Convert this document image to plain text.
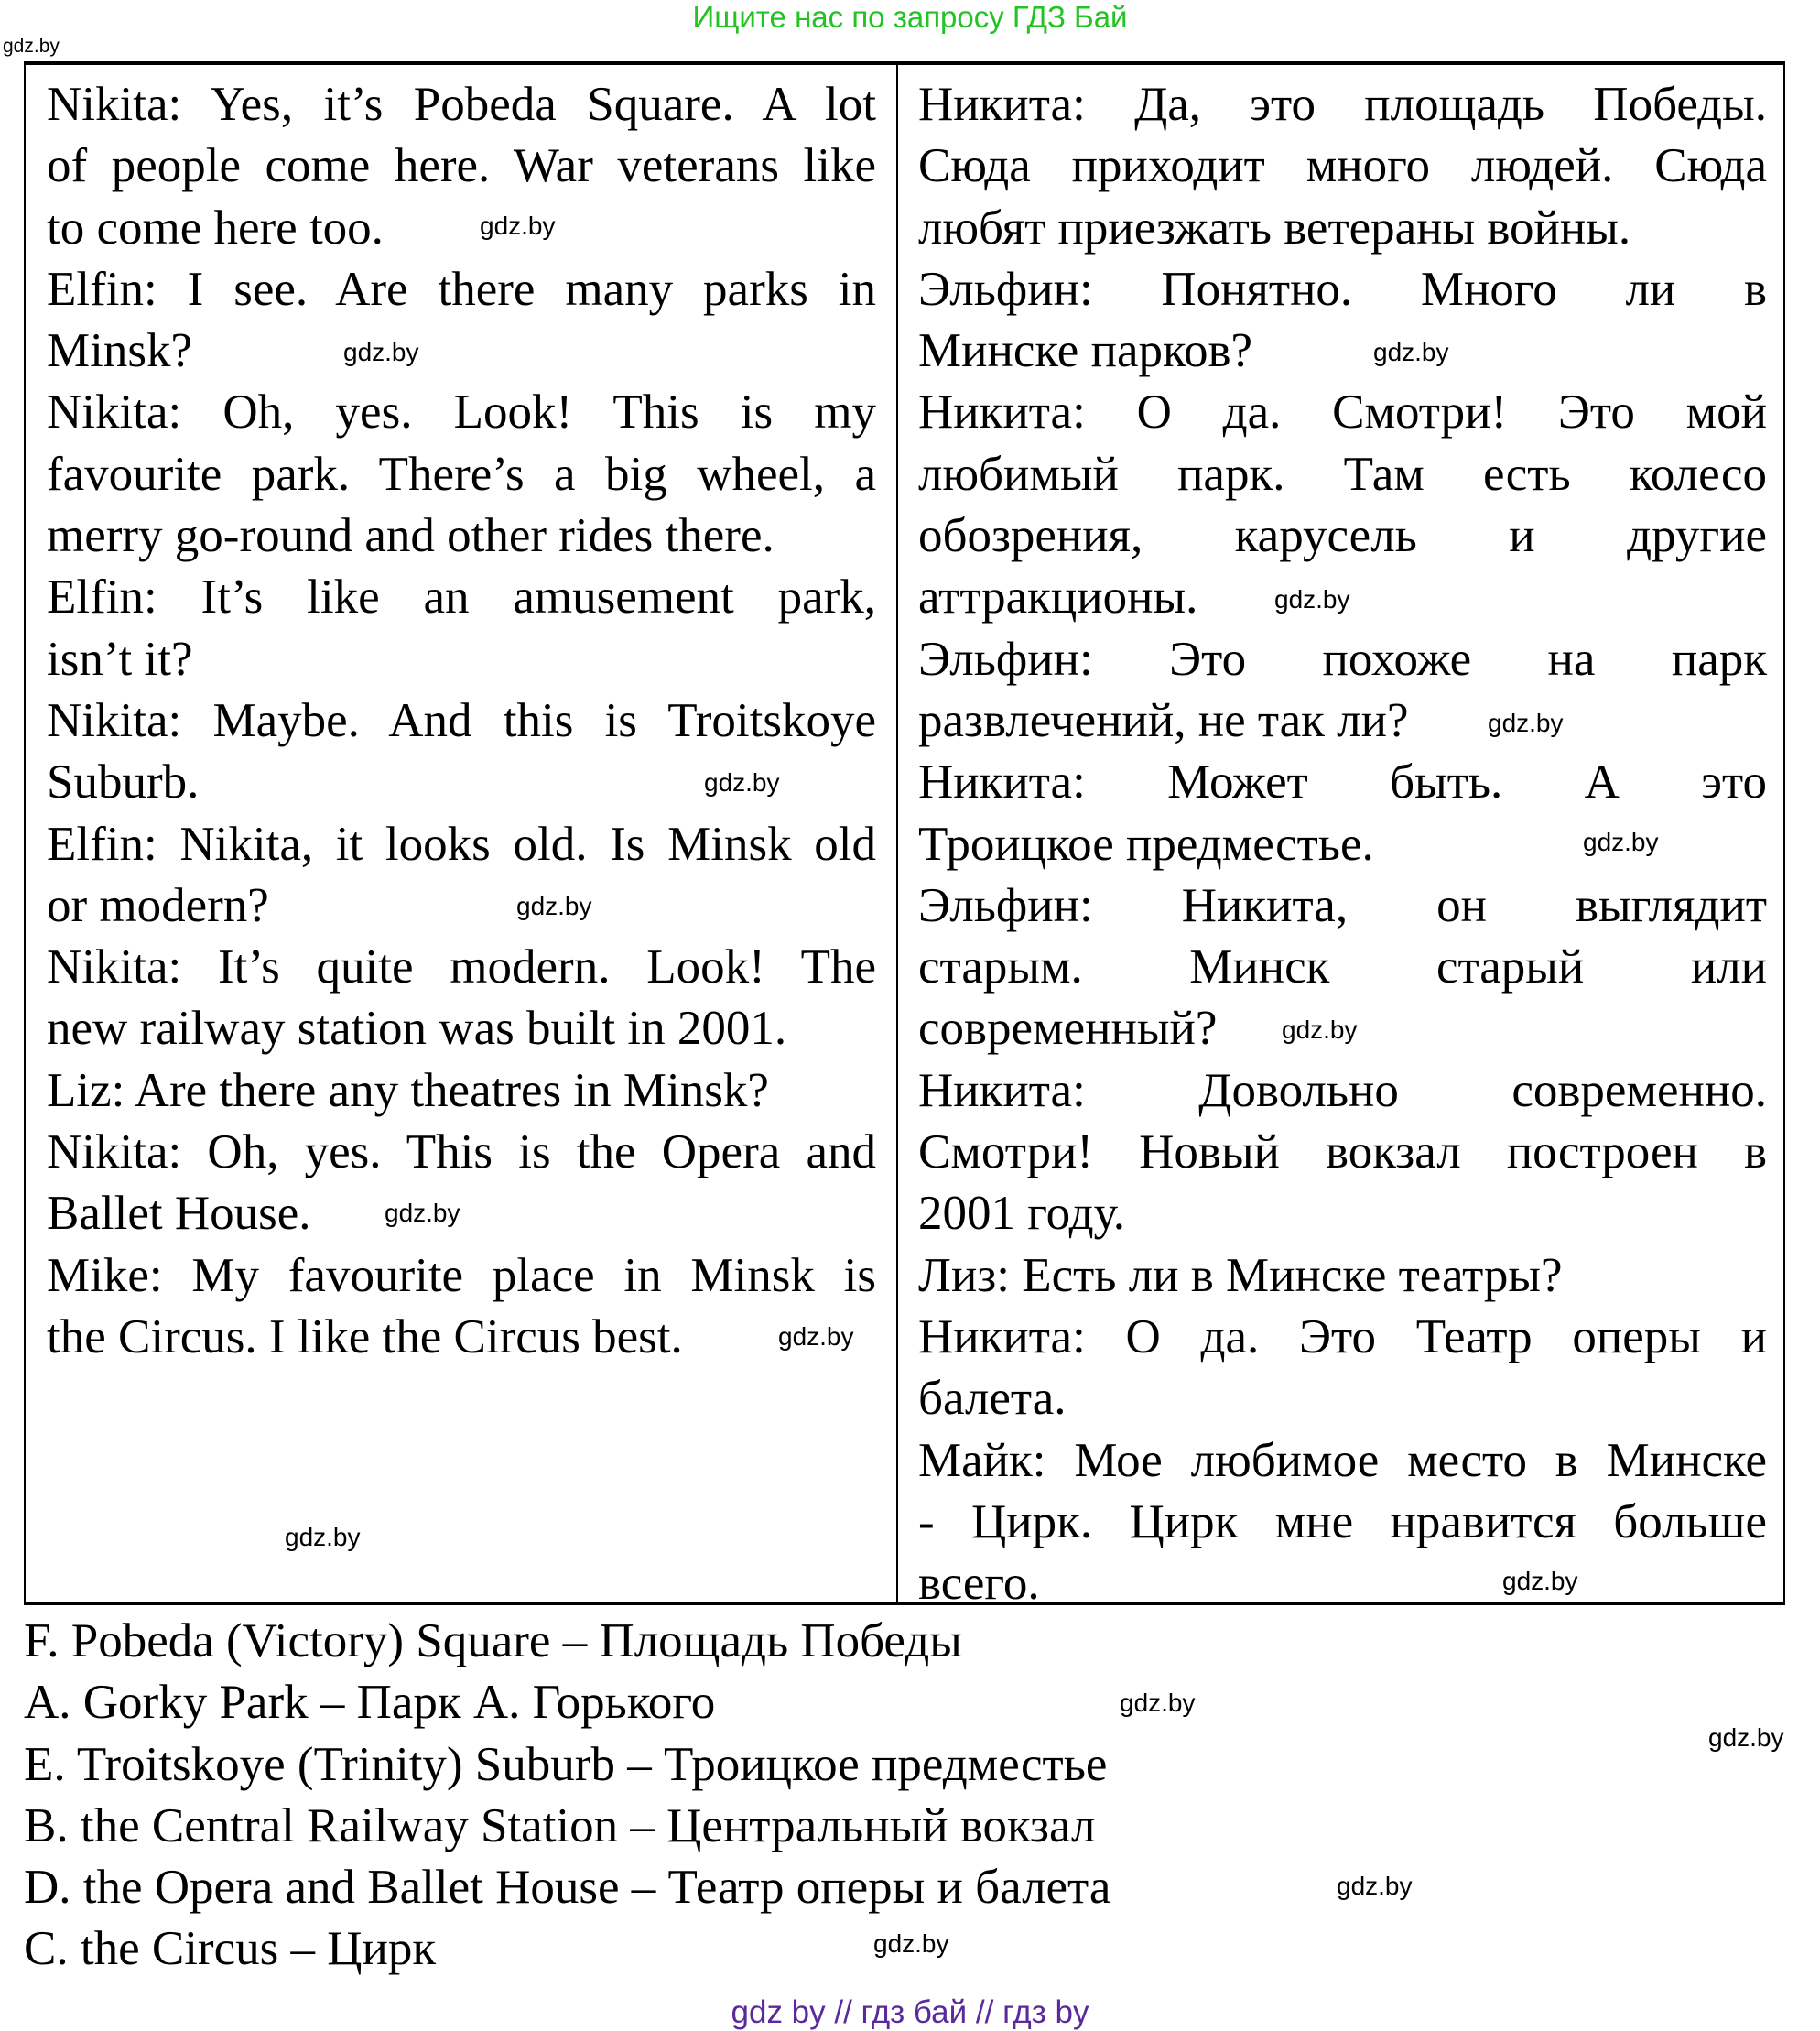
Ищите нас по запросу ГДЗ Бай
Nikita: Yes, it’s Pobeda Square. A lot
of people come here. War veterans like
to come here too.
Elfin: I see. Are there many parks in
Minsk?
Nikita: Oh, yes. Look! This is my
favourite park. There’s a big wheel, a
merry go-round and other rides there.
Elfin: It’s like an amusement park,
isn’t it?
Nikita: Maybe. And this is Troitskoye
Suburb.
Elfin: Nikita, it looks old. Is Minsk old
or modern?
Nikita: It’s quite modern. Look! The
new railway station was built in 2001.
Liz: Are there any theatres in Minsk?
Nikita: Oh, yes. This is the Opera and
Ballet House.
Mike: My favourite place in Minsk is
the Circus. I like the Circus best.
Никита: Да, это площадь Победы.
Сюда приходит много людей. Сюда
любят приезжать ветераны войны.
Эльфин: Понятно. Много ли в
Минске парков?
Никита: О да. Смотри! Это мой
любимый парк. Там есть колесо
обозрения, карусель и другие
аттракционы.
Эльфин: Это похоже на парк
развлечений, не так ли?
Никита: Может быть. А это
Троицкое предместье.
Эльфин: Никита, он выглядит
старым. Минск старый или
современный?
Никита: Довольно современно.
Смотри! Новый вокзал построен в
2001 году.
Лиз: Есть ли в Минске театры?
Никита: О да. Это Театр оперы и
балета.
Майк: Мое любимое место в Минске
- Цирк. Цирк мне нравится больше
всего.
F. Pobeda (Victory) Square – Площадь Победы
A. Gorky Park – Парк А. Горького
E. Troitskoye (Trinity) Suburb – Троицкое предместье
B. the Central Railway Station – Центральный вокзал
D. the Opera and Ballet House – Театр оперы и балета
C. the Circus – Цирк
gdz.by
gdz.by
gdz.by
gdz.by
gdz.by
gdz.by
gdz.by
gdz.by
gdz.by
gdz.by
gdz.by
gdz.by
gdz.by
gdz.by
gdz.by
gdz.by
gdz.by
gdz.by
gdz by // гдз бай // гдз by
